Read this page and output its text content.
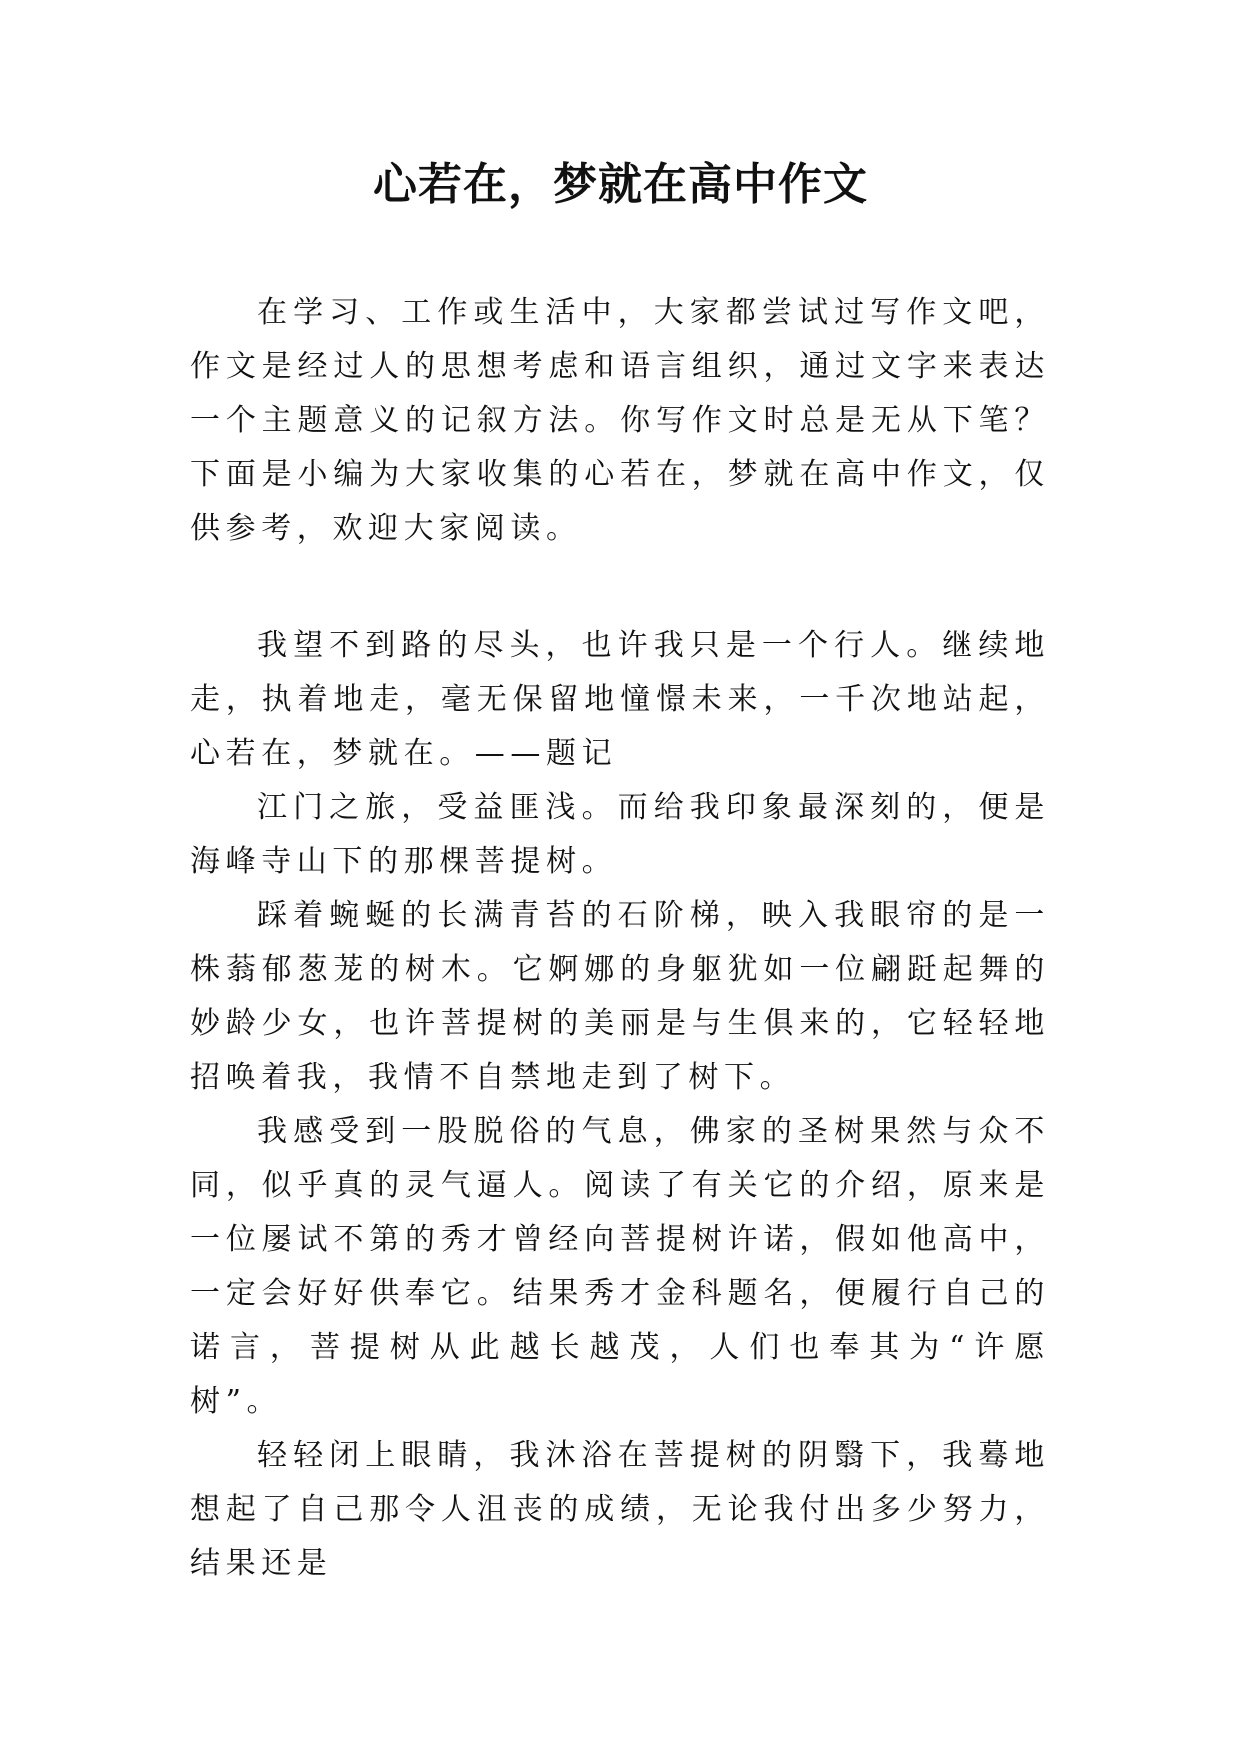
心若在，梦就在高中作文

在学习、工作或生活中，大家都尝试过写作文吧，作文是经过人的思想考虑和语言组织，通过文字来表达一个主题意义的记叙方法。你写作文时总是无从下笔？下面是小编为大家收集的心若在，梦就在高中作文，仅供参考，欢迎大家阅读。

我望不到路的尽头，也许我只是一个行人。继续地走，执着地走，毫无保留地憧憬未来，一千次地站起，心若在，梦就在。——题记

江门之旅，受益匪浅。而给我印象最深刻的，便是海峰寺山下的那棵菩提树。

踩着蜿蜒的长满青苔的石阶梯，映入我眼帘的是一株蓊郁葱茏的树木。它婀娜的身躯犹如一位翩跹起舞的妙龄少女，也许菩提树的美丽是与生俱来的，它轻轻地招唤着我，我情不自禁地走到了树下。

我感受到一股脱俗的气息，佛家的圣树果然与众不同，似乎真的灵气逼人。阅读了有关它的介绍，原来是一位屡试不第的秀才曾经向菩提树许诺，假如他高中，一定会好好供奉它。结果秀才金科题名，便履行自己的诺言，菩提树从此越长越茂，人们也奉其为“许愿树”。

轻轻闭上眼睛，我沐浴在菩提树的阴翳下，我蓦地想起了自己那令人沮丧的成绩，无论我付出多少努力，结果还是
